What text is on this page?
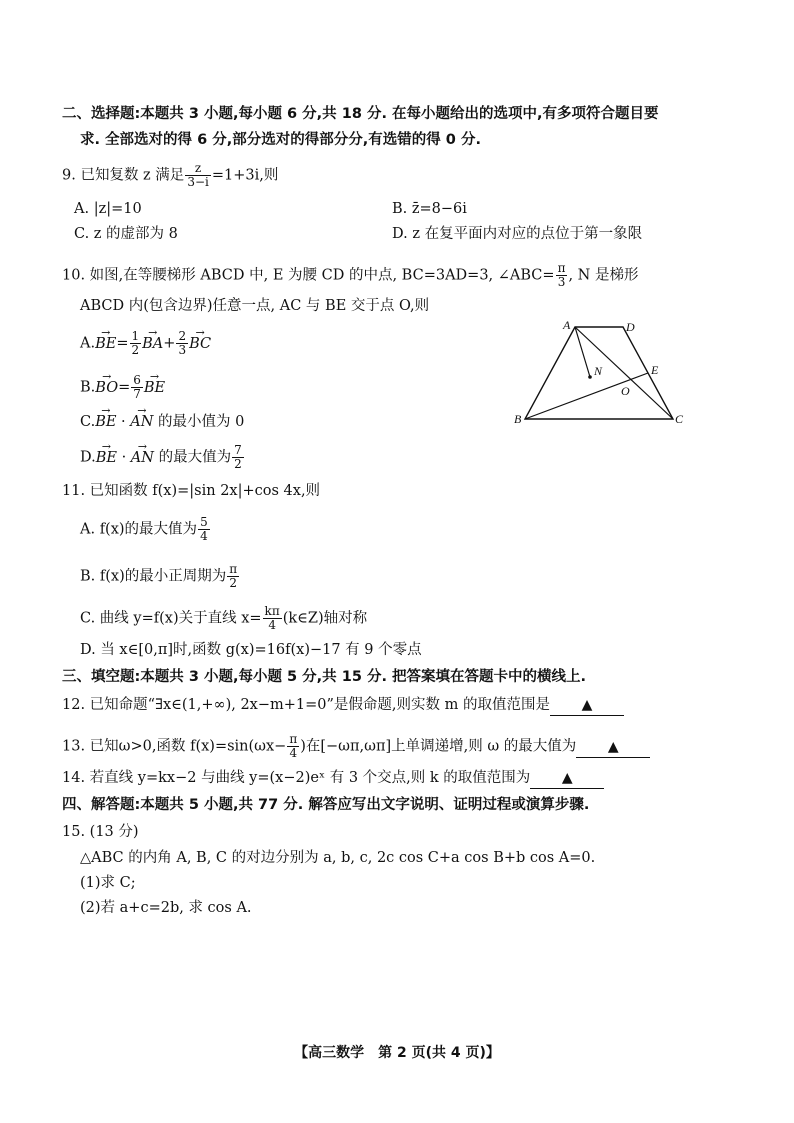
二、选择题:本题共 3 小题,每小题 6 分,共 18 分. 在每小题给出的选项中,有多项符合题目要
求. 全部选对的得 6 分,部分选对的得部分分,有选错的得 0 分.
9. 已知复数 z 满足 $\frac{z}{3-i} =1+3i$,则
A. |z|=10	B. z̄=8−6i
C. z 的虚部为 8	D. z 在复平面内对应的点位于第一象限
10. 如图,在等腰梯形 ABCD 中, E 为腰 CD 的中点, BC=3AD=3, ∠ABC= $\frac{\pi}{3}$ , N 是梯形
ABCD 内(包含边界)任意一点, AC 与 BE 交于点 O,则
$A.\to BE= \frac{1}{2}$
→ $BA+ \frac{2}{3}$
→ BC
$B.\to BO= \frac{6}{7}$
→ BE
C.→ BE · → AN 的最小值为 0
D.→ BE · → AN 的最大值为 $\frac{7}{2}$
A	D
N	E
O
B	C
11. 已知函数 f(x)=|sin 2x|+cos 4x,则
A. f(x)的最大值为 $\frac{5}{4}$
B. f(x)的最小正周期为 $\frac{\pi}{2}$
C. 曲线 y=f(x)关于直线 $x= \frac{k\pi}{4}$ (k∈Z)轴对称
D. 当 x∈[0,π]时,函数 g(x)=16f(x)−17 有 9 个零点
三、填空题:本题共 3 小题,每小题 5 分,共 15 分. 把答案填在答题卡中的横线上.
12. 已知命题“∃x∈(1,+∞), 2x−m+1=0”是假命题,则实数 m 的取值范围是 ▲
13. 已知ω>0,函数 $f(x)=\sin(\omega x- \frac{\pi}{4}$ )在[−ωπ,ωπ]上单调递增,则 ω 的最大值为 ▲
14. 若直线 y=kx−2 与曲线 y=(x−2)eˣ 有 3 个交点,则 k 的取值范围为 ▲
四、解答题:本题共 5 小题,共 77 分. 解答应写出文字说明、证明过程或演算步骤.
15. (13 分)
△ABC 的内角 A, B, C 的对边分别为 a, b, c, 2c cos C+a cos B+b cos A=0.
(1)求 C;
(2)若 a+c=2b, 求 cos A.
【高三数学　第 2 页(共 4 页)】
